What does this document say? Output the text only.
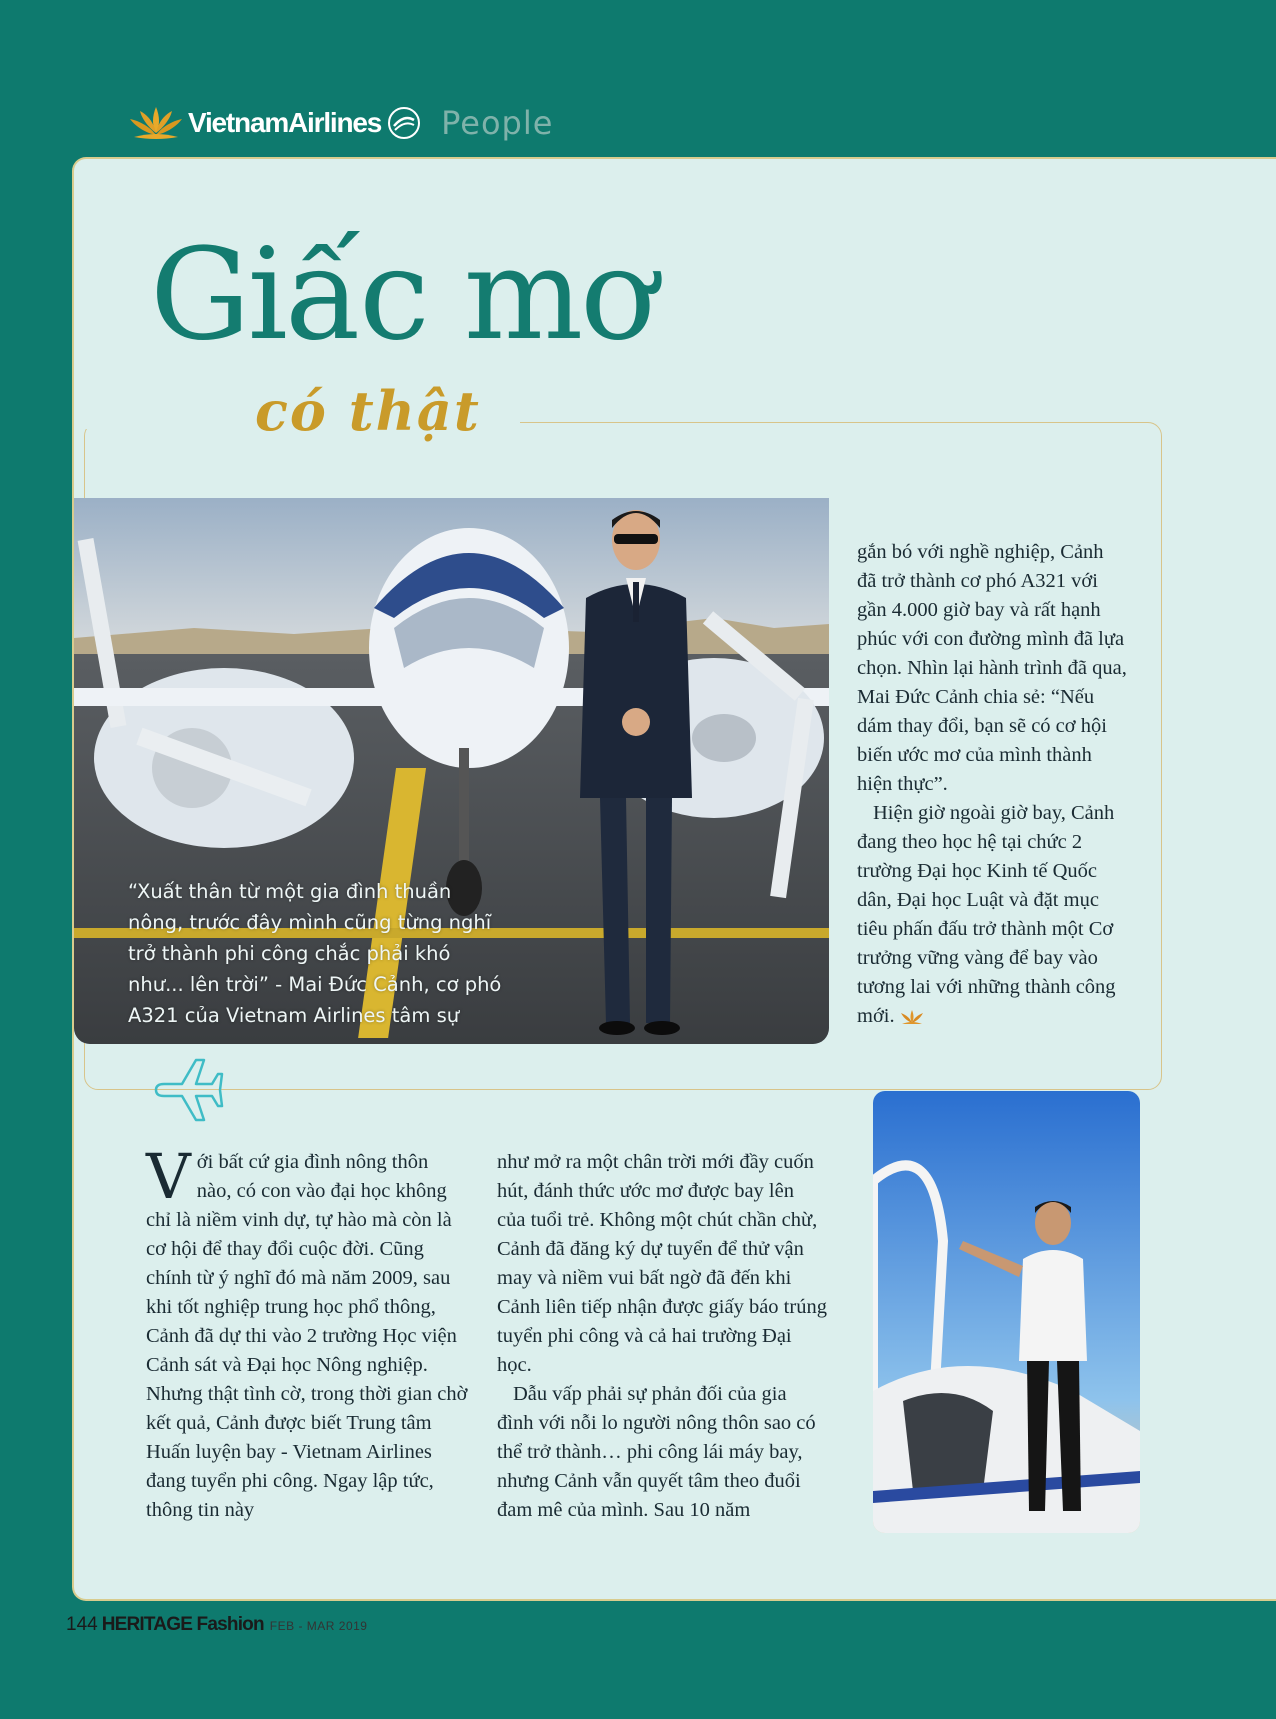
VietnamAirlines People
Giấc mơ
có thật
“Xuất thân từ một gia đình thuần nông, trước đây mình cũng từng nghĩ trở thành phi công chắc phải khó như... lên trời” - Mai Đức Cảnh, cơ phó A321 của Vietnam Airlines tâm sự

gắn bó với nghề nghiệp, Cảnh đã trở thành cơ phó A321 với gần 4.000 giờ bay và rất hạnh phúc với con đường mình đã lựa chọn. Nhìn lại hành trình đã qua, Mai Đức Cảnh chia sẻ: “Nếu dám thay đổi, bạn sẽ có cơ hội biến ước mơ của mình thành hiện thực”.

Hiện giờ ngoài giờ bay, Cảnh đang theo học hệ tại chức 2 trường Đại học Kinh tế Quốc dân, Đại học Luật và đặt mục tiêu phấn đấu trở thành một Cơ trưởng vững vàng để bay vào tương lai với những thành công mới.

V ới bất cứ gia đình nông thôn nào, có con vào đại học không chỉ là niềm vinh dự, tự hào mà còn là cơ hội để thay đổi cuộc đời. Cũng chính từ ý nghĩ đó mà năm 2009, sau khi tốt nghiệp trung học phổ thông, Cảnh đã dự thi vào 2 trường Học viện Cảnh sát và Đại học Nông nghiệp. Nhưng thật tình cờ, trong thời gian chờ kết quả, Cảnh được biết Trung tâm Huấn luyện bay - Vietnam Airlines đang tuyển phi công. Ngay lập tức, thông tin này

như mở ra một chân trời mới đầy cuốn hút, đánh thức ước mơ được bay lên của tuổi trẻ. Không một chút chần chừ, Cảnh đã đăng ký dự tuyển để thử vận may và niềm vui bất ngờ đã đến khi Cảnh liên tiếp nhận được giấy báo trúng tuyển phi công và cả hai trường Đại học.

Dẫu vấp phải sự phản đối của gia đình với nỗi lo người nông thôn sao có thể trở thành… phi công lái máy bay, nhưng Cảnh vẫn quyết tâm theo đuổi đam mê của mình. Sau 10 năm

144 HERITAGE Fashion FEB - MAR 2019
